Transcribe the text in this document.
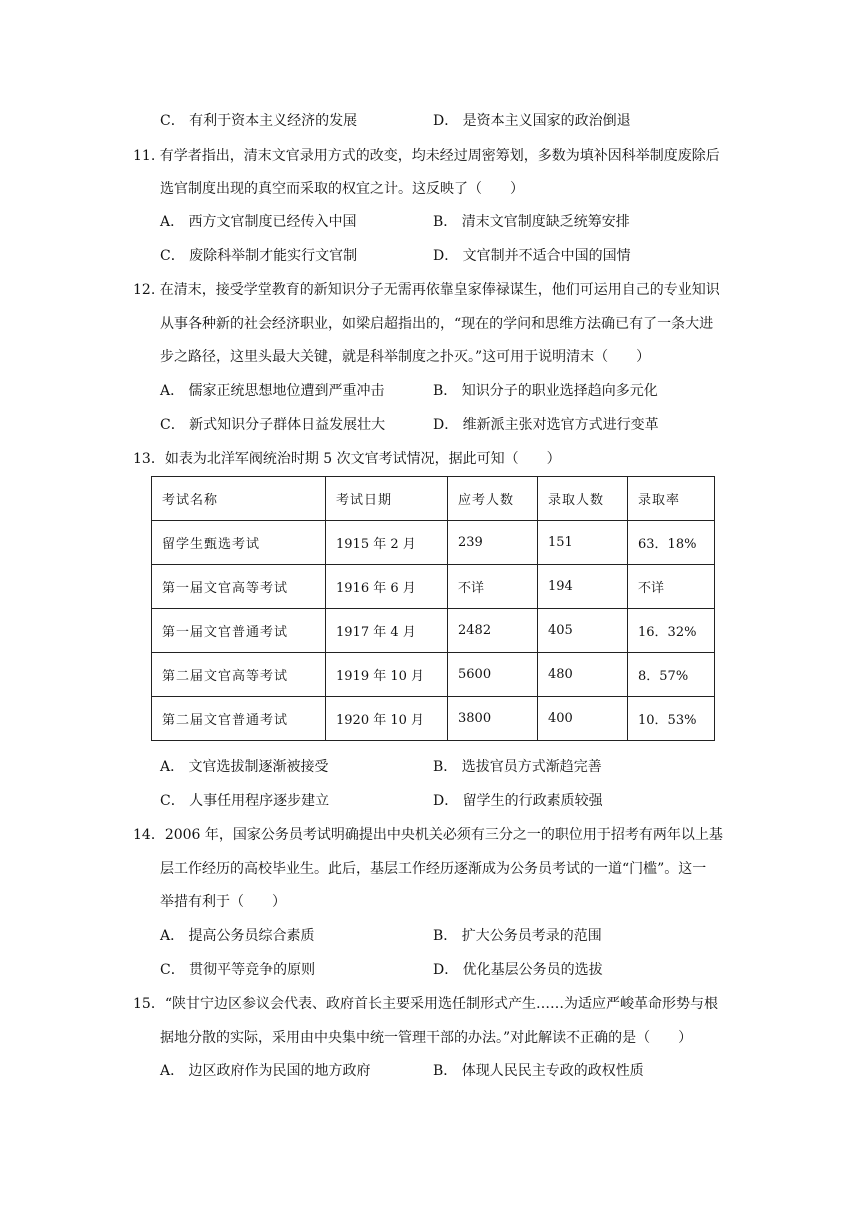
C． 有利于资本主义经济的发展	D． 是资本主义国家的政治倒退
11. 有学者指出，清末文官录用方式的改变，均未经过周密筹划，多数为填补因科举制度废除后
选官制度出现的真空而采取的权宜之计。这反映了（　　）
A． 西方文官制度已经传入中国	B． 清末文官制度缺乏统筹安排
C． 废除科举制才能实行文官制	D． 文官制并不适合中国的国情
12. 在清末，接受学堂教育的新知识分子无需再依靠皇家俸禄谋生，他们可运用自己的专业知识
从事各种新的社会经济职业，如梁启超指出的，“现在的学问和思维方法确已有了一条大进
步之路径，这里头最大关键，就是科举制度之扑灭。”这可用于说明清末（　　）
A． 儒家正统思想地位遭到严重冲击	B． 知识分子的职业选择趋向多元化
C． 新式知识分子群体日益发展壮大	D． 维新派主张对选官方式进行变革
13．如表为北洋军阀统治时期 5 次文官考试情况，据此可知（　　）
考试名称	考试日期	应考人数	录取人数	录取率
留学生甄选考试	1915 年 2 月	239	151	63．18%
第一届文官高等考试	1916 年 6 月	不详	194	不详
第一届文官普通考试	1917 年 4 月	2482	405	16．32%
第二届文官高等考试	1919 年 10 月	5600	480	8．57%
第二届文官普通考试	1920 年 10 月	3800	400	10．53%
A． 文官选拔制逐渐被接受	B． 选拔官员方式渐趋完善
C． 人事任用程序逐步建立	D． 留学生的行政素质较强
14．2006 年，国家公务员考试明确提出中央机关必须有三分之一的职位用于招考有两年以上基
层工作经历的高校毕业生。此后，基层工作经历逐渐成为公务员考试的一道“门槛”。这一
举措有利于（　　）
A． 提高公务员综合素质	B． 扩大公务员考录的范围
C． 贯彻平等竞争的原则	D． 优化基层公务员的选拔
15．“陕甘宁边区参议会代表、政府首长主要采用选任制形式产生……为适应严峻革命形势与根
据地分散的实际，采用由中央集中统一管理干部的办法。”对此解读不正确的是（　　）
A． 边区政府作为民国的地方政府	B． 体现人民民主专政的政权性质
